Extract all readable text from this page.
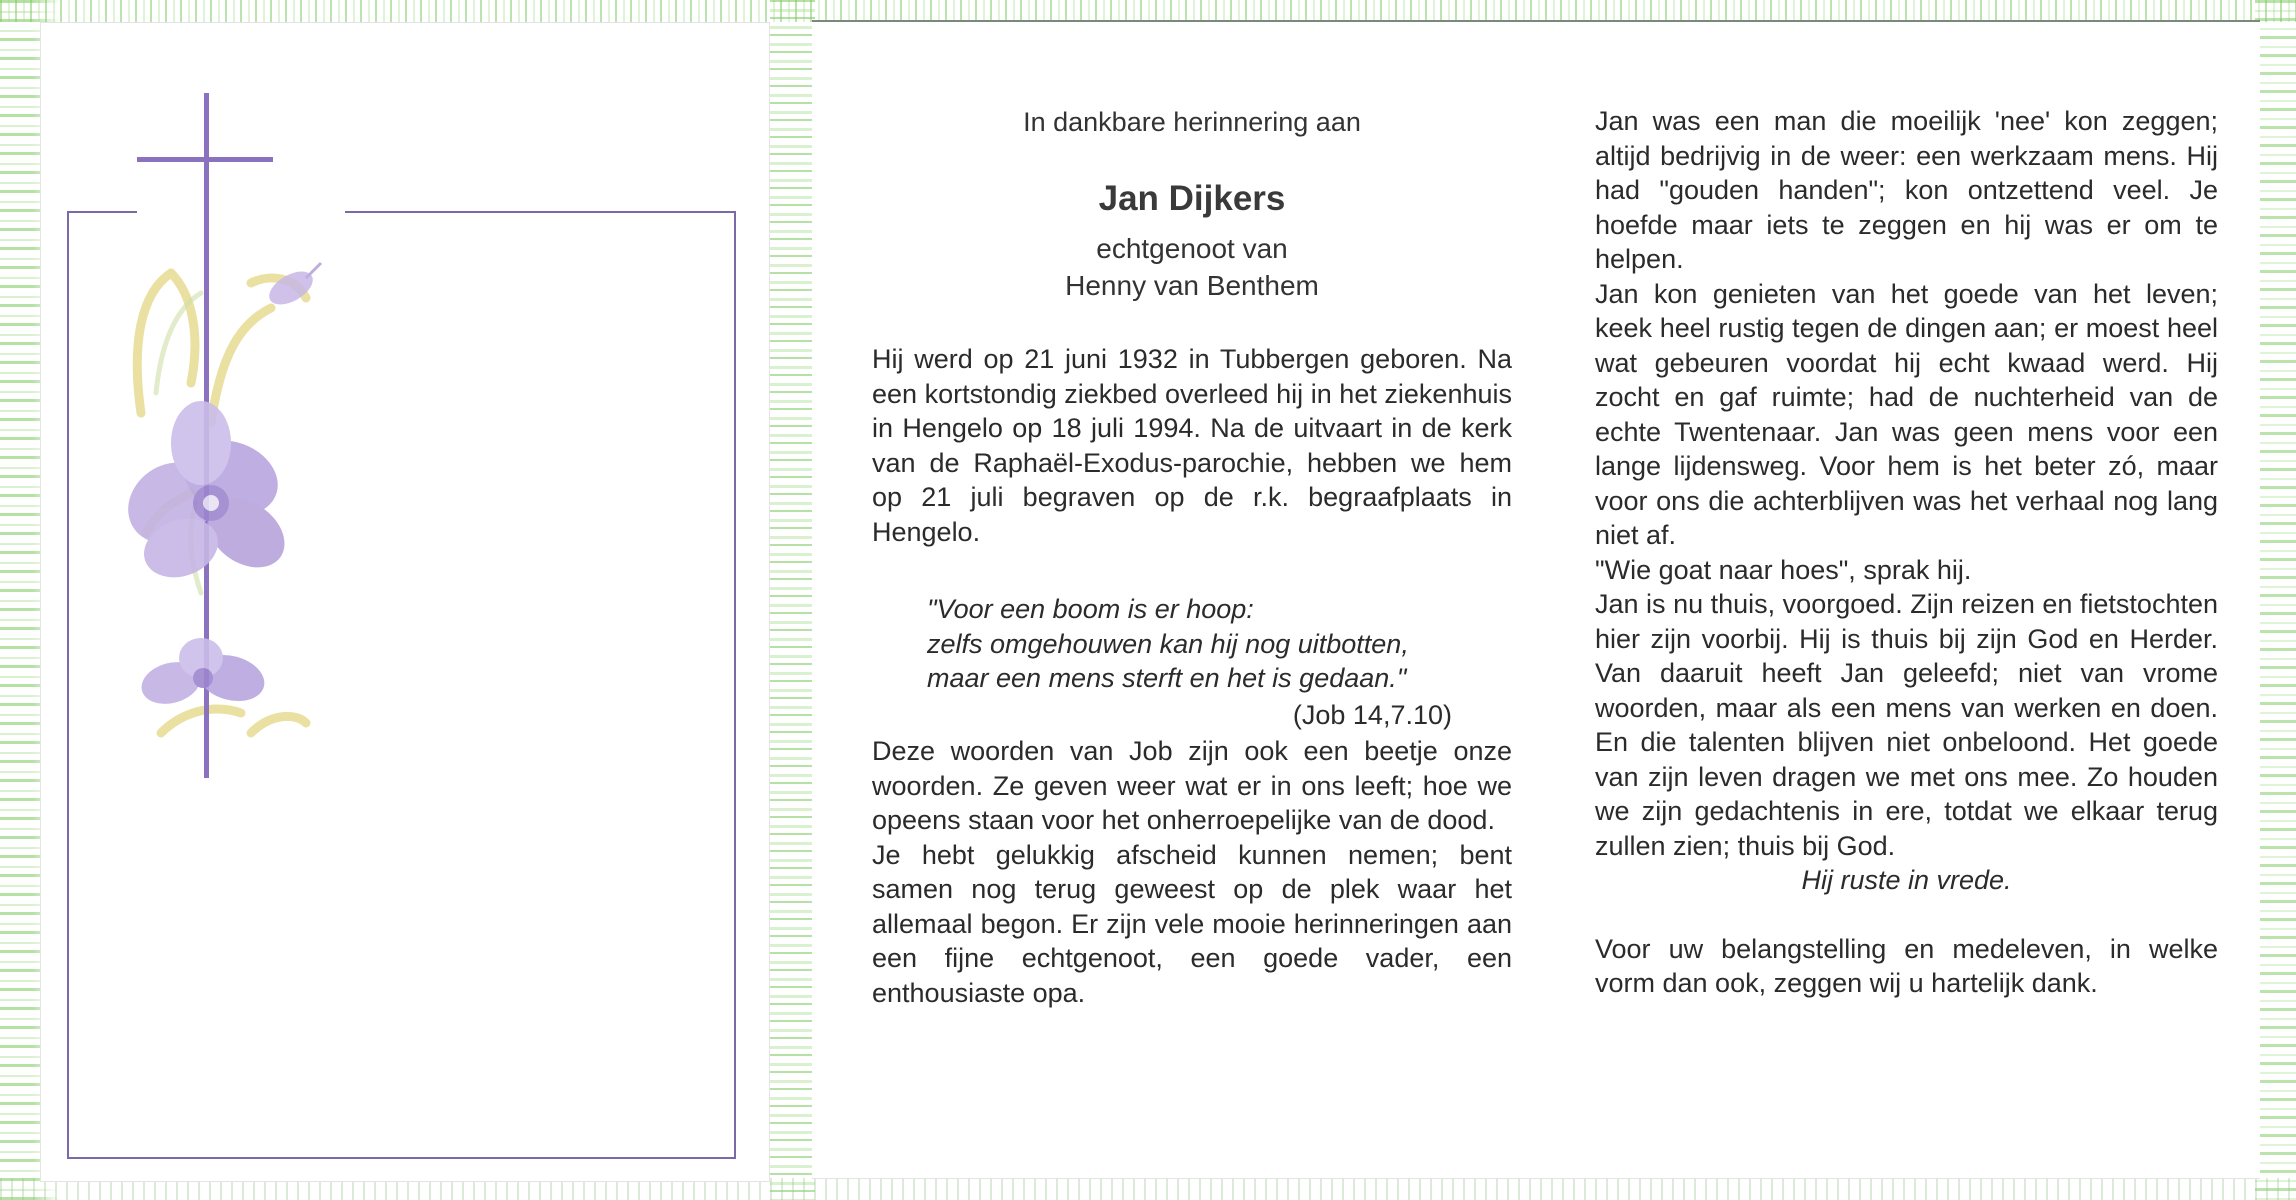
In dankbare herinnering aan
Jan Dijkers
echtgenoot van
Henny van Benthem

Hij werd op 21 juni 1932 in Tubbergen geboren. Na een kortstondig ziekbed overleed hij in het ziekenhuis in Hengelo op 18 juli 1994. Na de uitvaart in de kerk van de Raphaël-Exodus-parochie, hebben we hem op 21 juli begraven op de r.k. begraafplaats in Hengelo.

"Voor een boom is er hoop:
zelfs omgehouwen kan hij nog uitbotten,
maar een mens sterft en het is gedaan."
(Job 14,7.10)

Deze woorden van Job zijn ook een beetje onze woorden. Ze geven weer wat er in ons leeft; hoe we opeens staan voor het onherroepelijke van de dood.

Je hebt gelukkig afscheid kunnen nemen; bent samen nog terug geweest op de plek waar het allemaal begon. Er zijn vele mooie herinneringen aan een fijne echtgenoot, een goede vader, een enthousiaste opa.

Jan was een man die moeilijk 'nee' kon zeggen; altijd bedrijvig in de weer: een werkzaam mens. Hij had "gouden handen"; kon ontzettend veel. Je hoefde maar iets te zeggen en hij was er om te helpen.

Jan kon genieten van het goede van het leven; keek heel rustig tegen de dingen aan; er moest heel wat gebeuren voordat hij echt kwaad werd. Hij zocht en gaf ruimte; had de nuchterheid van de echte Twentenaar. Jan was geen mens voor een lange lijdensweg. Voor hem is het beter zó, maar voor ons die achterblijven was het verhaal nog lang niet af.

"Wie goat naar hoes", sprak hij.

Jan is nu thuis, voorgoed. Zijn reizen en fietstochten hier zijn voorbij. Hij is thuis bij zijn God en Herder. Van daaruit heeft Jan geleefd; niet van vrome woorden, maar als een mens van werken en doen. En die talenten blijven niet onbeloond. Het goede van zijn leven dragen we met ons mee. Zo houden we zijn gedachtenis in ere, totdat we elkaar terug zullen zien; thuis bij God.

Hij ruste in vrede.

Voor uw belangstelling en medeleven, in welke vorm dan ook, zeggen wij u hartelijk dank.
